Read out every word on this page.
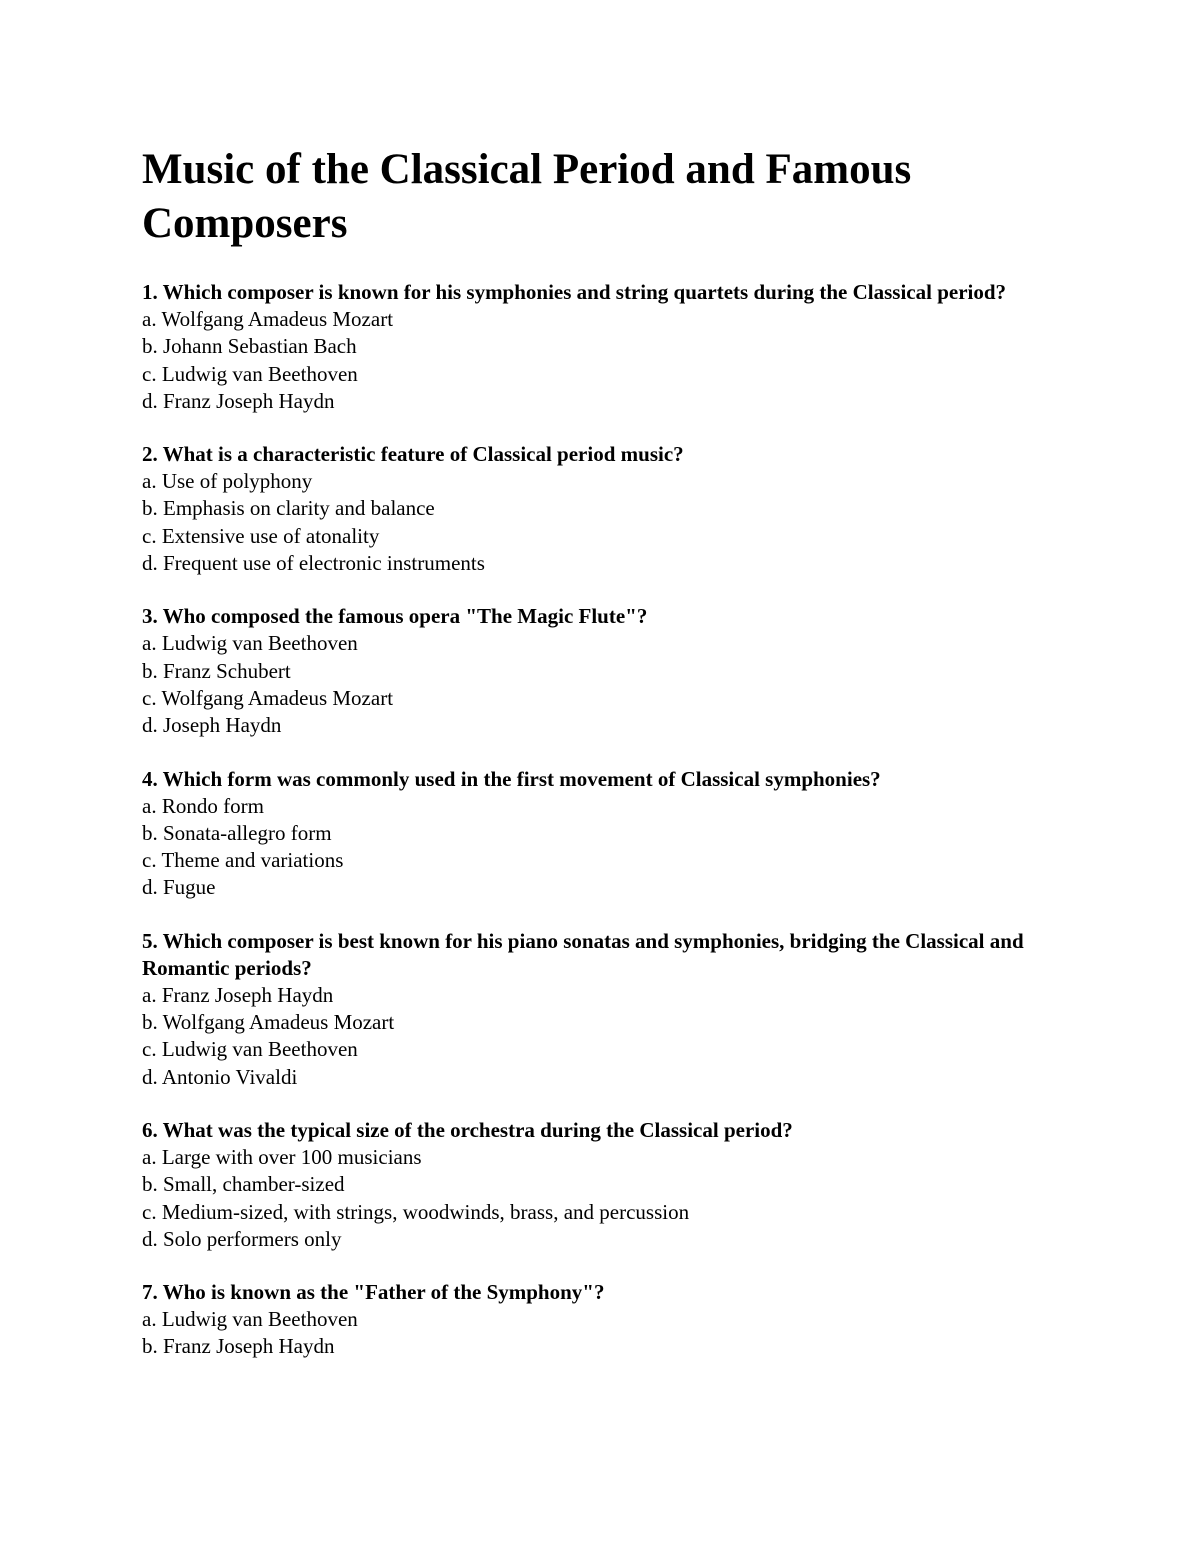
Music of the Classical Period and Famous Composers

1. Which composer is known for his symphonies and string quartets during the Classical period?

a. Wolfgang Amadeus Mozart
b. Johann Sebastian Bach
c. Ludwig van Beethoven
d. Franz Joseph Haydn

2. What is a characteristic feature of Classical period music?

a. Use of polyphony
b. Emphasis on clarity and balance
c. Extensive use of atonality
d. Frequent use of electronic instruments

3. Who composed the famous opera "The Magic Flute"?

a. Ludwig van Beethoven
b. Franz Schubert
c. Wolfgang Amadeus Mozart
d. Joseph Haydn

4. Which form was commonly used in the first movement of Classical symphonies?

a. Rondo form
b. Sonata-allegro form
c. Theme and variations
d. Fugue

5. Which composer is best known for his piano sonatas and symphonies, bridging the Classical and Romantic periods?

a. Franz Joseph Haydn
b. Wolfgang Amadeus Mozart
c. Ludwig van Beethoven
d. Antonio Vivaldi

6. What was the typical size of the orchestra during the Classical period?

a. Large with over 100 musicians
b. Small, chamber-sized
c. Medium-sized, with strings, woodwinds, brass, and percussion
d. Solo performers only

7. Who is known as the "Father of the Symphony"?

a. Ludwig van Beethoven
b. Franz Joseph Haydn
